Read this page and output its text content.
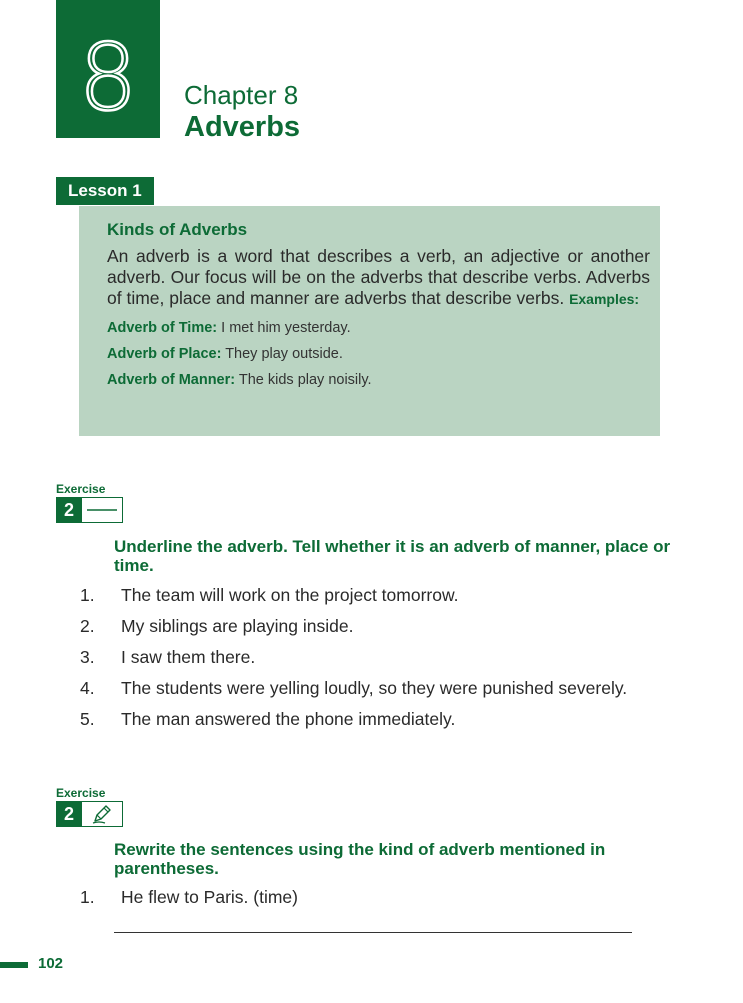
8 Chapter 8
Adverbs
Lesson 1

Kinds of Adverbs

An adverb is a word that describes a verb, an adjective or another adverb. Our focus will be on the adverbs that describe verbs. Adverbs of time, place and manner are adverbs that describe verbs. Examples:

Adverb of Time: I met him yesterday.

Adverb of Place: They play outside.

Adverb of Manner: The kids play noisily.

Exercise
2

Underline the adverb. Tell whether it is an adverb of manner, place or time.

1.	The team will work on the project tomorrow.
2.	My siblings are playing inside.
3.	I saw them there.
4.	The students were yelling loudly, so they were punished severely.
5.	The man answered the phone immediately.
Exercise
2

Rewrite the sentences using the kind of adverb mentioned in parentheses.

1.	He flew to Paris. (time)
102
